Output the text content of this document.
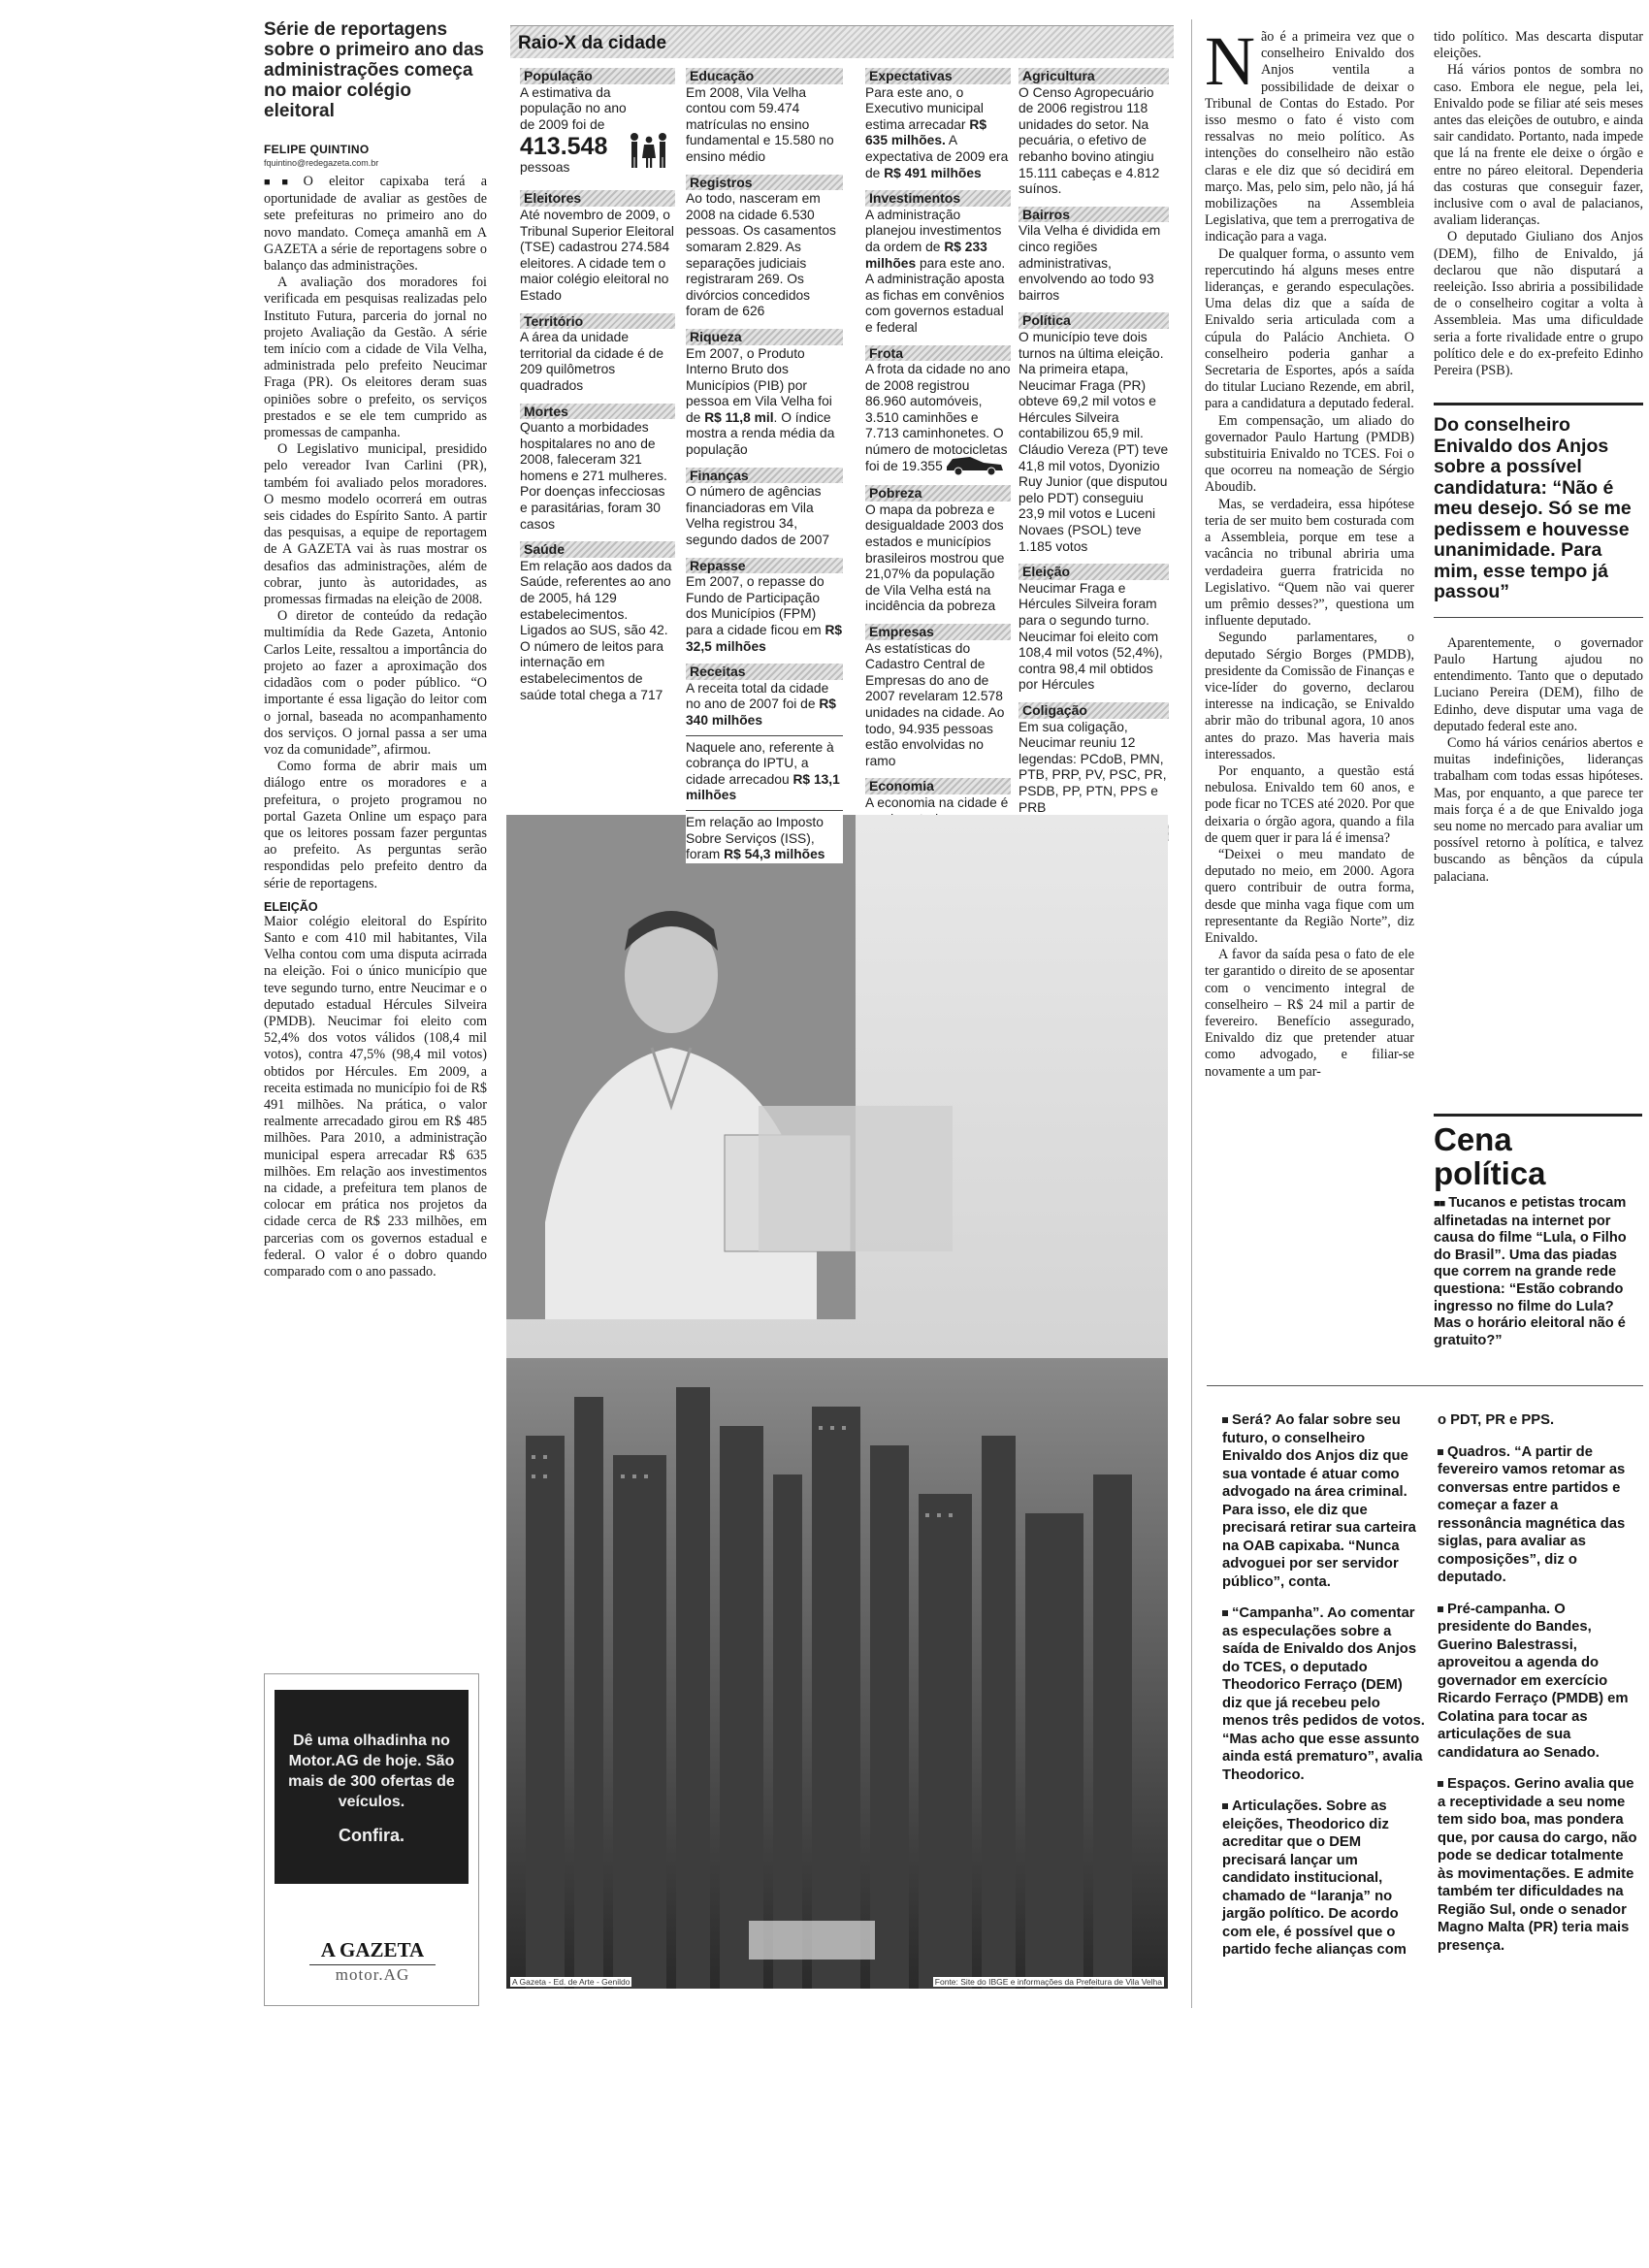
Série de reportagens sobre o primeiro ano das administrações começa no maior colégio eleitoral
FELIPE QUINTINO
fquintino@redegazeta.com.br

■■ O eleitor capixaba terá a oportunidade de avaliar as gestões de sete prefeituras no primeiro ano do novo mandato. Começa amanhã em A GAZETA a série de reportagens sobre o balanço das administrações.

A avaliação dos moradores foi verificada em pesquisas realizadas pelo Instituto Futura, parceria do jornal no projeto Avaliação da Gestão. A série tem início com a cidade de Vila Velha, administrada pelo prefeito Neucimar Fraga (PR). Os eleitores deram suas opiniões sobre o prefeito, os serviços prestados e se ele tem cumprido as promessas de campanha.

O Legislativo municipal, presidido pelo vereador Ivan Carlini (PR), também foi avaliado pelos moradores. O mesmo modelo ocorrerá em outras seis cidades do Espírito Santo. A partir das pesquisas, a equipe de reportagem de A GAZETA vai às ruas mostrar os desafios das administrações, além de cobrar, junto às autoridades, as promessas firmadas na eleição de 2008.

O diretor de conteúdo da redação multimídia da Rede Gazeta, Antonio Carlos Leite, ressaltou a importância do projeto ao fazer a aproximação dos cidadãos com o poder público. “O importante é essa ligação do leitor com o jornal, baseada no acompanhamento dos serviços. O jornal passa a ser uma voz da comunidade”, afirmou.

Como forma de abrir mais um diálogo entre os moradores e a prefeitura, o projeto programou no portal Gazeta Online um espaço para que os leitores possam fazer perguntas ao prefeito. As perguntas serão respondidas pelo prefeito dentro da série de reportagens.

ELEIÇÃO

Maior colégio eleitoral do Espírito Santo e com 410 mil habitantes, Vila Velha contou com uma disputa acirrada na eleição. Foi o único município que teve segundo turno, entre Neucimar e o deputado estadual Hércules Silveira (PMDB). Neucimar foi eleito com 52,4% dos votos válidos (108,4 mil votos), contra 47,5% (98,4 mil votos) obtidos por Hércules. Em 2009, a receita estimada no município foi de R$ 491 milhões. Na prática, o valor realmente arrecadado girou em R$ 485 milhões. Para 2010, a administração municipal espera arrecadar R$ 635 milhões. Em relação aos investimentos na cidade, a prefeitura tem planos de colocar em prática nos projetos da cidade cerca de R$ 233 milhões, em parcerias com os governos estadual e federal. O valor é o dobro quando comparado com o ano passado.

Dê uma olhadinha no Motor.AG de hoje. São mais de 300 ofertas de veículos.
Confira.
A GAZETA
motor.AG
Raio-X da cidade
População
A estimativa da população no ano de 2009 foi de
413.548
pessoas
Eleitores
Até novembro de 2009, o Tribunal Superior Eleitoral (TSE) cadastrou 274.584 eleitores. A cidade tem o maior colégio eleitoral no Estado
Território
A área da unidade territorial da cidade é de 209 quilômetros quadrados
Mortes
Quanto a morbidades hospitalares no ano de 2008, faleceram 321 homens e 271 mulheres. Por doenças infecciosas e parasitárias, foram 30 casos
Saúde
Em relação aos dados da Saúde, referentes ao ano de 2005, há 129 estabelecimentos. Ligados ao SUS, são 42. O número de leitos para internação em estabelecimentos de saúde total chega a 717
Educação
Em 2008, Vila Velha contou com 59.474 matrículas no ensino fundamental e 15.580 no ensino médio
Registros
Ao todo, nasceram em 2008 na cidade 6.530 pessoas. Os casamentos somaram 2.829. As separações judiciais registraram 269. Os divórcios concedidos foram de 626
Riqueza
Em 2007, o Produto Interno Bruto dos Municípios (PIB) por pessoa em Vila Velha foi de R$ 11,8 mil. O índice mostra a renda média da população
Finanças
O número de agências financiadoras em Vila Velha registrou 34, segundo dados de 2007
Repasse
Em 2007, o repasse do Fundo de Participação dos Municípios (FPM) para a cidade ficou em R$ 32,5 milhões
Receitas
A receita total da cidade no ano de 2007 foi de R$ 340 milhões
Naquele ano, referente à cobrança do IPTU, a cidade arrecadou R$ 13,1 milhões
Em relação ao Imposto Sobre Serviços (ISS), foram R$ 54,3 milhões
Expectativas
Para este ano, o Executivo municipal estima arrecadar R$ 635 milhões. A expectativa de 2009 era de R$ 491 milhões
Investimentos
A administração planejou investimentos da ordem de R$ 233 milhões para este ano. A administração aposta as fichas em convênios com governos estadual e federal
Frota
A frota da cidade no ano de 2008 registrou 86.960 automóveis, 3.510 caminhões e 7.713 caminhonetes. O número de motocicletas foi de 19.355
Pobreza
O mapa da pobreza e desigualdade 2003 dos estados e municípios brasileiros mostrou que 21,07% da população de Vila Velha está na incidência da pobreza
Empresas
As estatísticas do Cadastro Central de Empresas do ano de 2007 revelaram 12.578 unidades na cidade. Ao todo, 94.935 pessoas estão envolvidas no ramo
Economia
A economia na cidade é
Agricultura
O Censo Agropecuário de 2006 registrou 118 unidades do setor. Na pecuária, o efetivo de rebanho bovino atingiu 15.111 cabeças e 4.812 suínos.
Bairros
Vila Velha é dividida em cinco regiões administrativas, envolvendo ao todo 93 bairros
Política
O município teve dois turnos na última eleição. Na primeira etapa, Neucimar Fraga (PR) obteve 69,2 mil votos e Hércules Silveira contabilizou 65,9 mil. Cláudio Vereza (PT) teve 41,8 mil votos, Dyonizio Ruy Junior (que disputou pelo PDT) conseguiu 23,9 mil votos e Luceni Novaes (PSOL) teve 1.185 votos
Eleição
Neucimar Fraga e Hércules Silveira foram para o segundo turno. Neucimar foi eleito com 108,4 mil votos (52,4%), contra 98,4 mil obtidos por Hércules
Coligação
Em sua coligação, Neucimar reuniu 12 legendas: PCdoB, PMN, PTB, PRP, PV, PSC, PR, PSDB, PP, PTN, PPS e PRB
A Gazeta - Ed. de Arte - Genildo	Fonte: Site do IBGE e informações da Prefeitura de Vila Velha

Não é a primeira vez que o conselheiro Enivaldo dos Anjos ventila a possibilidade de deixar o Tribunal de Contas do Estado. Por isso mesmo o fato é visto com ressalvas no meio político. As intenções do conselheiro não estão claras e ele diz que só decidirá em março. Mas, pelo sim, pelo não, já há mobilizações na Assembleia Legislativa, que tem a prerrogativa de indicação para a vaga.

De qualquer forma, o assunto vem repercutindo há alguns meses entre lideranças, e gerando especulações. Uma delas diz que a saída de Enivaldo seria articulada com a cúpula do Palácio Anchieta. O conselheiro poderia ganhar a Secretaria de Esportes, após a saída do titular Luciano Rezende, em abril, para a candidatura a deputado federal.

Em compensação, um aliado do governador Paulo Hartung (PMDB) substituiria Enivaldo no TCES. Foi o que ocorreu na nomeação de Sérgio Aboudib.

Mas, se verdadeira, essa hipótese teria de ser muito bem costurada com a Assembleia, porque em tese a vacância no tribunal abriria uma verdadeira guerra fratricida no Legislativo. “Quem não vai querer um prêmio desses?”, questiona um influente deputado.

Segundo parlamentares, o deputado Sérgio Borges (PMDB), presidente da Comissão de Finanças e vice-líder do governo, declarou interesse na indicação, se Enivaldo abrir mão do tribunal agora, 10 anos antes do prazo. Mas haveria mais interessados.

Por enquanto, a questão está nebulosa. Enivaldo tem 60 anos, e pode ficar no TCES até 2020. Por que deixaria o órgão agora, quando a fila de quem quer ir para lá é imensa?

“Deixei o meu mandato de deputado no meio, em 2000. Agora quero contribuir de outra forma, desde que minha vaga fique com um representante da Região Norte”, diz Enivaldo.

A favor da saída pesa o fato de ele ter garantido o direito de se aposentar com o vencimento integral de conselheiro – R$ 24 mil a partir de fevereiro. Benefício assegurado, Enivaldo diz que pretender atuar como advogado, e filiar-se novamente a um par-

tido político. Mas descarta disputar eleições.

Há vários pontos de sombra no caso. Embora ele negue, pela lei, Enivaldo pode se filiar até seis meses antes das eleições de outubro, e ainda sair candidato. Portanto, nada impede que lá na frente ele deixe o órgão e entre no páreo eleitoral. Dependeria das costuras que conseguir fazer, inclusive com o aval de palacianos, avaliam lideranças.

O deputado Giuliano dos Anjos (DEM), filho de Enivaldo, já declarou que não disputará a reeleição. Isso abriria a possibilidade de o conselheiro cogitar a volta à Assembleia. Mas uma dificuldade seria a forte rivalidade entre o grupo político dele e do ex-prefeito Edinho Pereira (PSB).

Do conselheiro Enivaldo dos Anjos sobre a possível candidatura: “Não é meu desejo. Só se me pedissem e houvesse unanimidade. Para mim, esse tempo já passou”

Aparentemente, o governador Paulo Hartung ajudou no entendimento. Tanto que o deputado Luciano Pereira (DEM), filho de Edinho, deve disputar uma vaga de deputado federal este ano.

Como há vários cenários abertos e muitas indefinições, lideranças trabalham com todas essas hipóteses. Mas, por enquanto, a que parece ter mais força é a de que Enivaldo joga seu nome no mercado para avaliar um possível retorno à política, e talvez buscando as bênçãos da cúpula palaciana.

Cena
política
■■ Tucanos e petistas trocam alfinetadas na internet por causa do filme “Lula, o Filho do Brasil”. Uma das piadas que correm na grande rede questiona: “Estão cobrando ingresso no filme do Lula? Mas o horário eleitoral não é gratuito?”
Será? Ao falar sobre seu futuro, o conselheiro Enivaldo dos Anjos diz que sua vontade é atuar como advogado na área criminal. Para isso, ele diz que precisará retirar sua carteira na OAB capixaba. “Nunca advoguei por ser servidor público”, conta.
“Campanha”. Ao comentar as especulações sobre a saída de Enivaldo dos Anjos do TCES, o deputado Theodorico Ferraço (DEM) diz que já recebeu pelo menos três pedidos de votos. “Mas acho que esse assunto ainda está prematuro”, avalia Theodorico.
Articulações. Sobre as eleições, Theodorico diz acreditar que o DEM precisará lançar um candidato institucional, chamado de “laranja” no jargão político. De acordo com ele, é possível que o partido feche alianças com
o PDT, PR e PPS.
Quadros. “A partir de fevereiro vamos retomar as conversas entre partidos e começar a fazer a ressonância magnética das siglas, para avaliar as composições”, diz o deputado.
Pré-campanha. O presidente do Bandes, Guerino Balestrassi, aproveitou a agenda do governador em exercício Ricardo Ferraço (PMDB) em Colatina para tocar as articulações de sua candidatura ao Senado.
Espaços. Gerino avalia que a receptividade a seu nome tem sido boa, mas pondera que, por causa do cargo, não pode se dedicar totalmente às movimentações. E admite também ter dificuldades na Região Sul, onde o senador Magno Malta (PR) teria mais presença.
